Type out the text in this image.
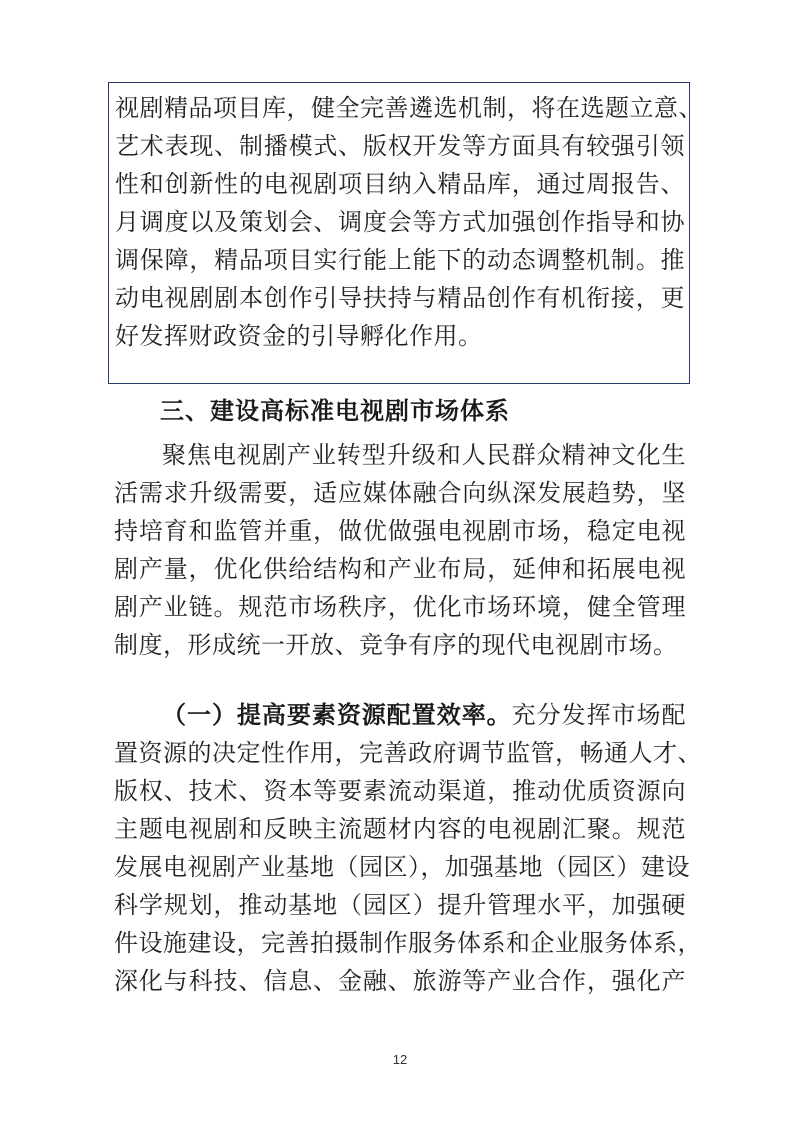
视剧精品项目库，健全完善遴选机制，将在选题立意、
艺术表现、制播模式、版权开发等方面具有较强引领
性和创新性的电视剧项目纳入精品库，通过周报告、
月调度以及策划会、调度会等方式加强创作指导和协
调保障，精品项目实行能上能下的动态调整机制。推
动电视剧剧本创作引导扶持与精品创作有机衔接，更
好发挥财政资金的引导孵化作用。
三、建设高标准电视剧市场体系
聚焦电视剧产业转型升级和人民群众精神文化生
活需求升级需要，适应媒体融合向纵深发展趋势，坚
持培育和监管并重，做优做强电视剧市场，稳定电视
剧产量，优化供给结构和产业布局，延伸和拓展电视
剧产业链。规范市场秩序，优化市场环境，健全管理
制度，形成统一开放、竞争有序的现代电视剧市场。
（一）提高要素资源配置效率。充分发挥市场配
置资源的决定性作用，完善政府调节监管，畅通人才、
版权、技术、资本等要素流动渠道，推动优质资源向
主题电视剧和反映主流题材内容的电视剧汇聚。规范
发展电视剧产业基地（园区），加强基地（园区）建设
科学规划，推动基地（园区）提升管理水平，加强硬
件设施建设，完善拍摄制作服务体系和企业服务体系，
深化与科技、信息、金融、旅游等产业合作，强化产
12
